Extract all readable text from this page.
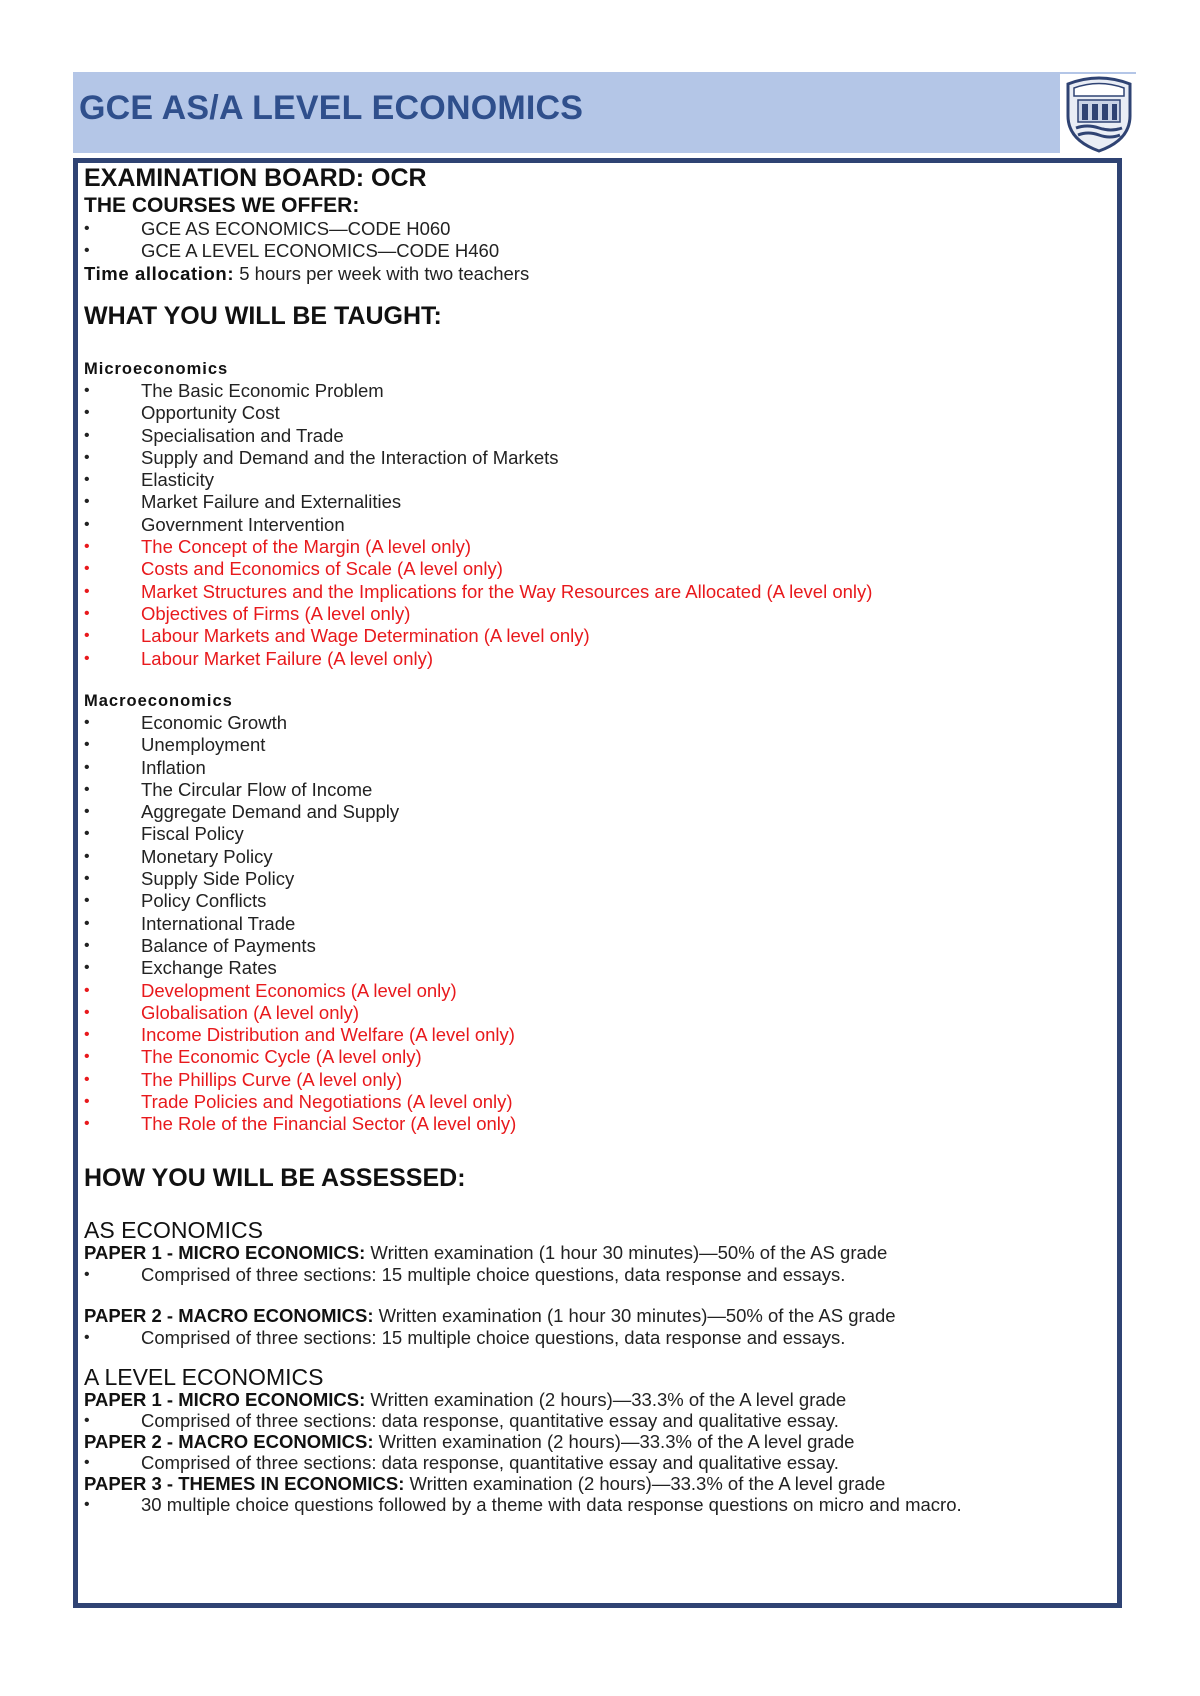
GCE AS/A LEVEL ECONOMICS
EXAMINATION BOARD: OCR
THE COURSES WE OFFER:
• GCE AS ECONOMICS—CODE H060
• GCE A LEVEL ECONOMICS—CODE H460
Time allocation: 5 hours per week with two teachers
WHAT YOU WILL BE TAUGHT:
Microeconomics
• The Basic Economic Problem
• Opportunity Cost
• Specialisation and Trade
• Supply and Demand and the Interaction of Markets
• Elasticity
• Market Failure and Externalities
• Government Intervention
• The Concept of the Margin (A level only)
• Costs and Economics of Scale (A level only)
• Market Structures and the Implications for the Way Resources are Allocated (A level only)
• Objectives of Firms (A level only)
• Labour Markets and Wage Determination (A level only)
• Labour Market Failure (A level only)
Macroeconomics
• Economic Growth
• Unemployment
• Inflation
• The Circular Flow of Income
• Aggregate Demand and Supply
• Fiscal Policy
• Monetary Policy
• Supply Side Policy
• Policy Conflicts
• International Trade
• Balance of Payments
• Exchange Rates
• Development Economics (A level only)
• Globalisation (A level only)
• Income Distribution and Welfare (A level only)
• The Economic Cycle (A level only)
• The Phillips Curve (A level only)
• Trade Policies and Negotiations (A level only)
• The Role of the Financial Sector (A level only)
HOW YOU WILL BE ASSESSED:
AS ECONOMICS
PAPER 1 - MICRO ECONOMICS: Written examination (1 hour 30 minutes)—50% of the AS grade
• Comprised of three sections: 15 multiple choice questions, data response and essays.
PAPER 2 - MACRO ECONOMICS: Written examination (1 hour 30 minutes)—50% of the AS grade
• Comprised of three sections: 15 multiple choice questions, data response and essays.
A LEVEL ECONOMICS
PAPER 1 - MICRO ECONOMICS: Written examination (2 hours)—33.3% of the A level grade
• Comprised of three sections: data response, quantitative essay and qualitative essay.
PAPER 2 - MACRO ECONOMICS: Written examination (2 hours)—33.3% of the A level grade
• Comprised of three sections: data response, quantitative essay and qualitative essay.
PAPER 3 - THEMES IN ECONOMICS: Written examination (2 hours)—33.3% of the A level grade
• 30 multiple choice questions followed by a theme with data response questions on micro and macro.
